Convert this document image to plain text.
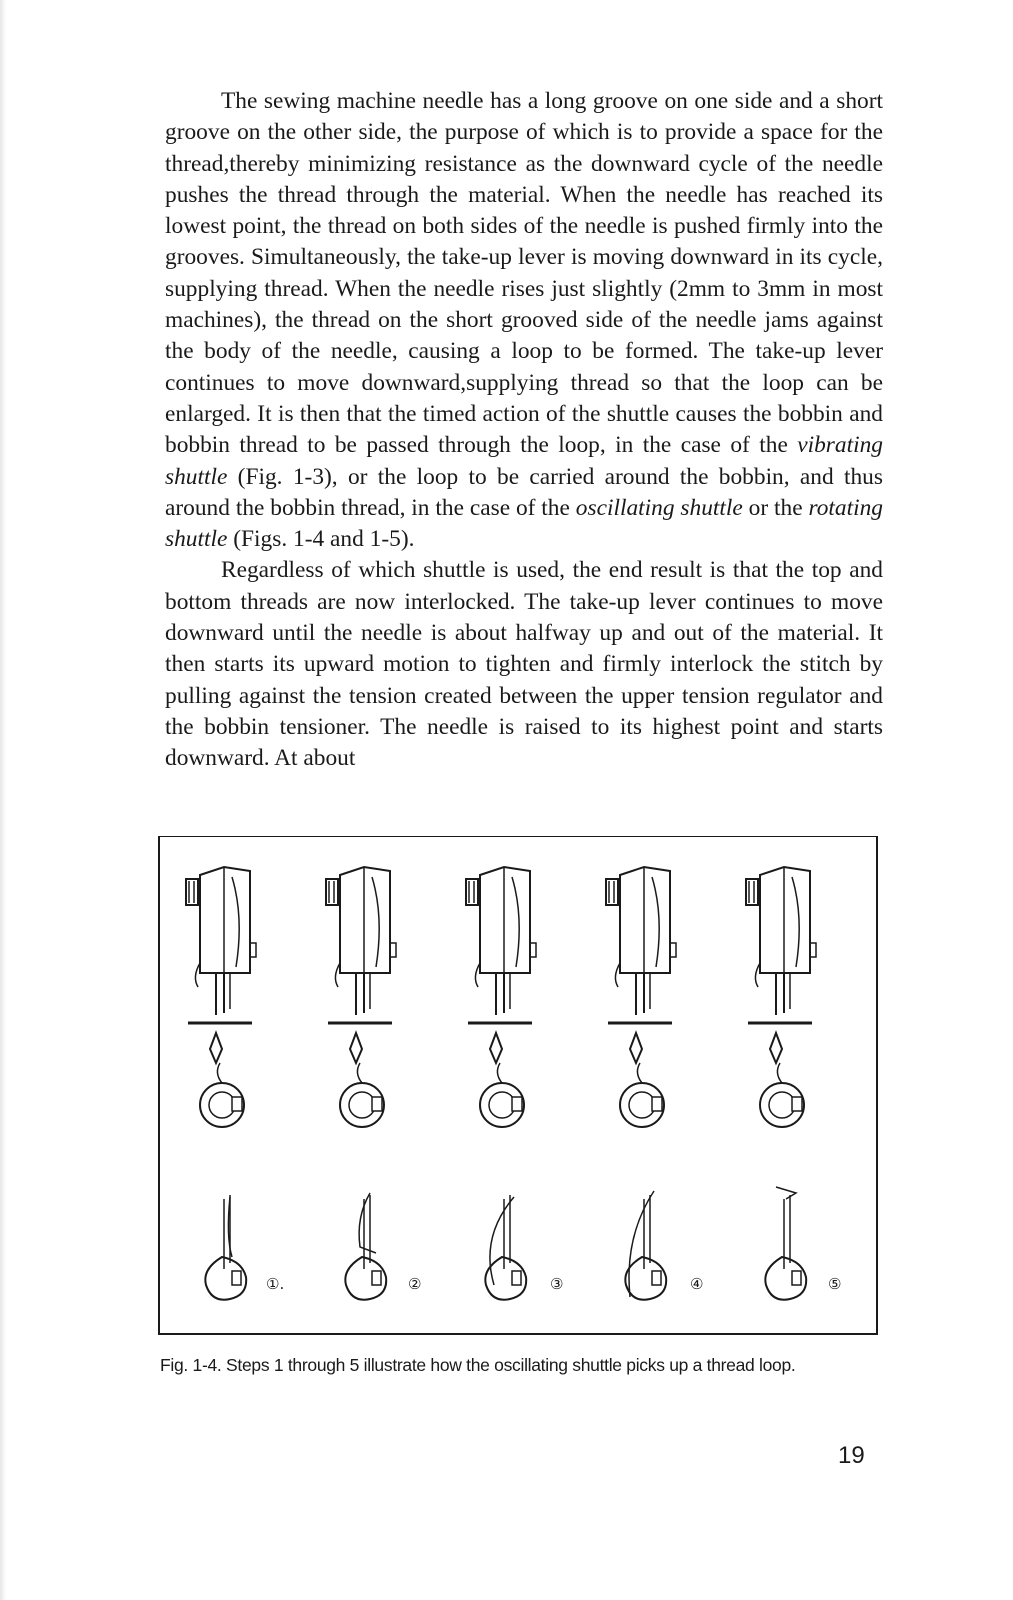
The sewing machine needle has a long groove on one side and a short groove on the other side, the purpose of which is to provide a space for the thread,thereby minimizing resistance as the downward cycle of the needle pushes the thread through the material. When the needle has reached its lowest point, the thread on both sides of the needle is pushed firmly into the grooves. Simultaneously, the take-up lever is moving downward in its cycle, supplying thread. When the needle rises just slightly (2mm to 3mm in most machines), the thread on the short grooved side of the needle jams against the body of the needle, causing a loop to be formed. The take-up lever continues to move downward,supplying thread so that the loop can be enlarged. It is then that the timed action of the shuttle causes the bobbin and bobbin thread to be passed through the loop, in the case of the vibrating shuttle (Fig. 1-3), or the loop to be carried around the bobbin, and thus around the bobbin thread, in the case of the oscillating shuttle or the rotating shuttle (Figs. 1-4 and 1-5).

Regardless of which shuttle is used, the end result is that the top and bottom threads are now interlocked. The take-up lever continues to move downward until the needle is about halfway up and out of the material. It then starts its upward motion to tighten and firmly interlock the stitch by pulling against the tension created between the upper tension regulator and the bobbin tensioner. The needle is raised to its highest point and starts downward. At about

①.	②	③	④	⑤
Fig. 1-4. Steps 1 through 5 illustrate how the oscillating shuttle picks up a thread loop.
19
